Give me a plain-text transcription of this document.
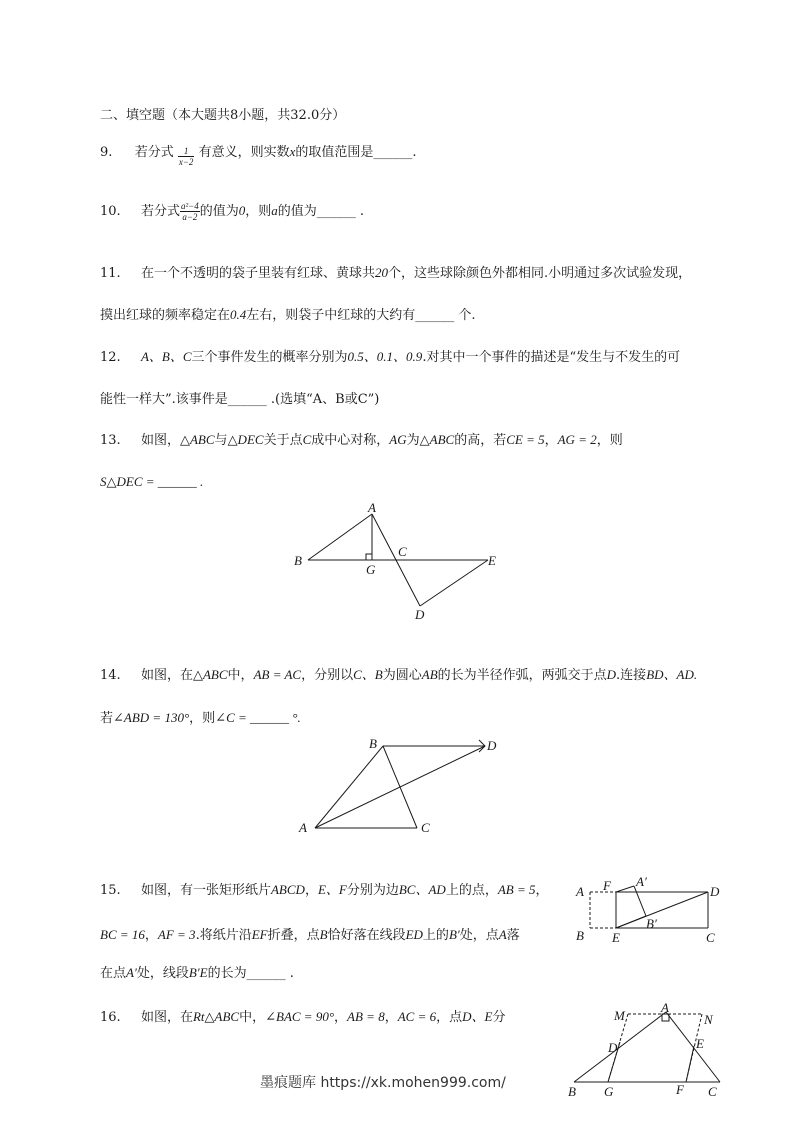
二、填空题（本大题共8小题，共32.0分）
9. 若分式 $\frac{1}{x-2}$ 有意义，则实数x的取值范围是______.
10. 若分式 $\frac{\text{a²−4}}{a-2}$ 的值为0，则a的值为______ .
11. 在一个不透明的袋子里装有红球、黄球共20个，这些球除颜色外都相同.小明通过多次试验发现，
摸出红球的频率稳定在0.4左右，则袋子中红球的大约有______ 个.
12. A、B、C三个事件发生的概率分别为0.5、0.1、0.9.对其中一个事件的描述是“发生与不发生的可
能性一样大”.该事件是______ .(选填“A、B或C”)
13. 如图，△ABC与△DEC关于点C成中心对称，AG为△ABC的高，若CE = 5，AG = 2，则
S△DEC = ______ .
A
B
C
G
E
D
14. 如图，在△ABC中，AB = AC，分别以C、B为圆心AB的长为半径作弧，两弧交于点D.连接BD、AD.
若∠ABD = 130°，则∠C = ______ °.
B	D
A	C
15. 如图，有一张矩形纸片ABCD，E、F分别为边BC、AD上的点，AB = 5，
BC = 16，AF = 3.将纸片沿EF折叠，点B恰好落在线段ED上的B′处，点A落
在点A′处，线段B′E的长为______ .
A F A′
D
B′
B E	C
16. 如图，在Rt△ABC中，∠BAC = 90°，AB = 8，AC = 6，点D、E分	M
A
N
D	E
B G	F C
墨痕题库 https://xk.mohen999.com/
